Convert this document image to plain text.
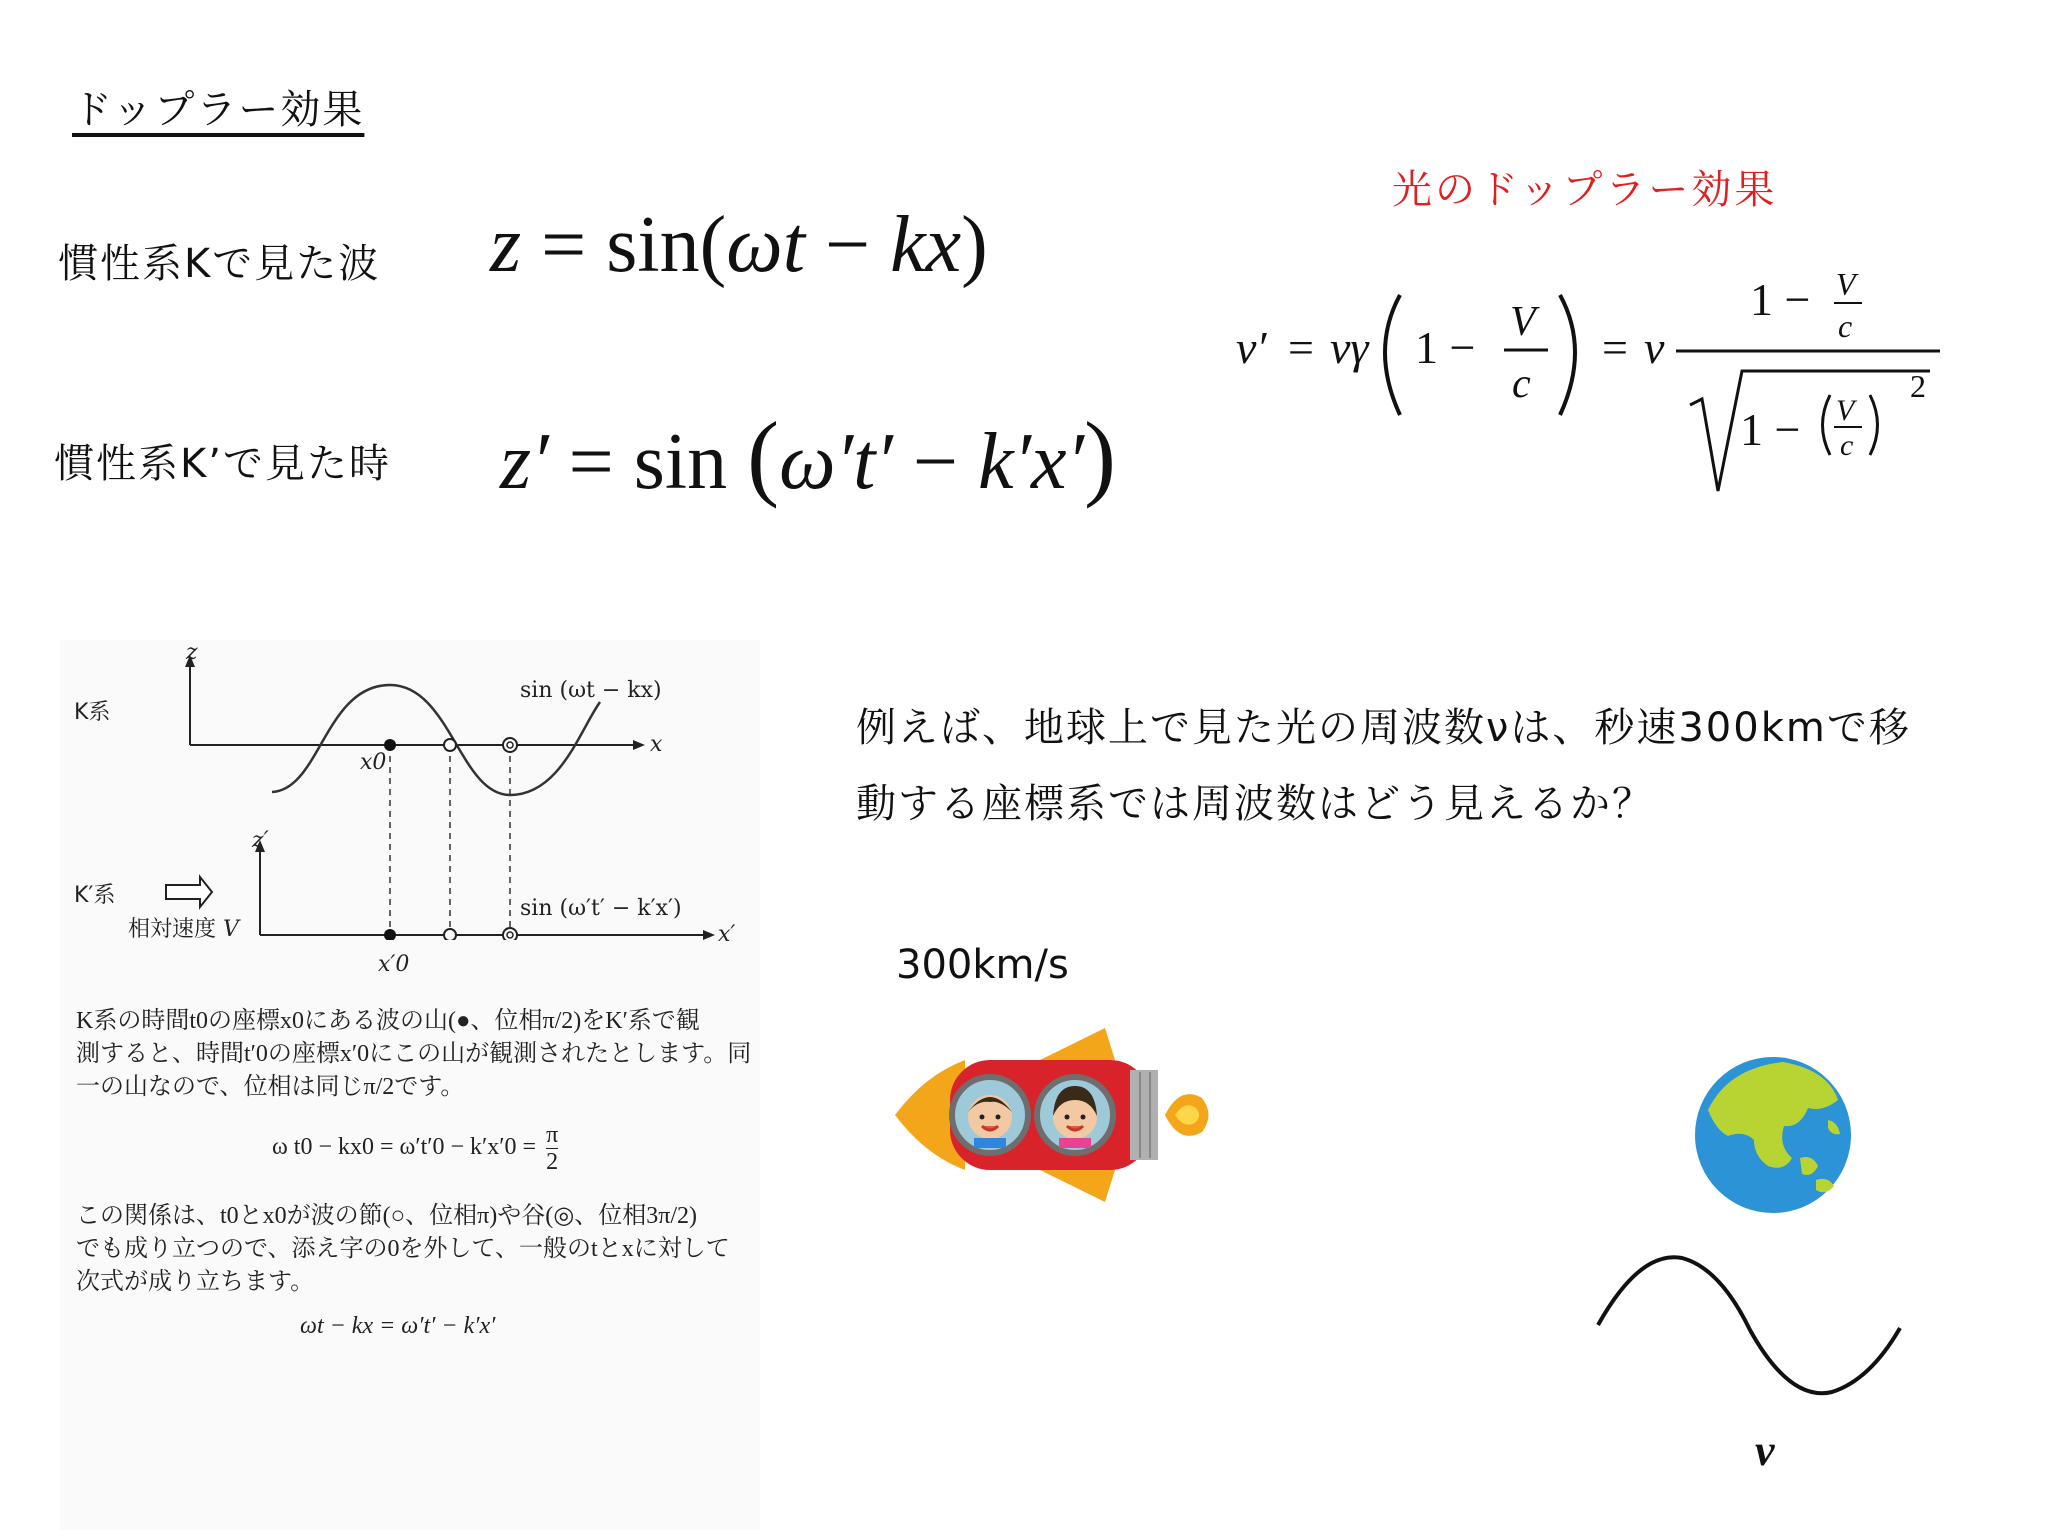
ドップラー効果
慣性系Kで見た波 z = sin(ωt − kx)
慣性系K’で見た時 z′ = sin (ω′t′ − k′x′)
光のドップラー効果
ν′ = νγ 1 − V
c
= ν
1 − V
c
1 − V
c
2
K系
K′系
相対速度 V
z
x
z′
x′
x0
x′0
sin (ωt − kx)
sin (ω′t′ − k′x′)
K系の時間t0の座標x0にある波の山(●、位相π/2)をK′系で観
測すると、時間t′0の座標x′0にこの山が観測されたとします。同
一の山なので、位相は同じπ/2です。
ω $t0 - kx0 = \omega't'0 - k'x'0 = \frac{\pi}{2}$
この関係は、t0とx0が波の節(○、位相π)や谷(◎、位相3π/2)
でも成り立つので、添え字の0を外して、一般のtとxに対して
次式が成り立ちます。
ωt − kx = ω′t′ − k′x′
例えば、地球上で見た光の周波数νは、秒速300kmで移
動する座標系では周波数はどう見えるか？
300km/s
ν
